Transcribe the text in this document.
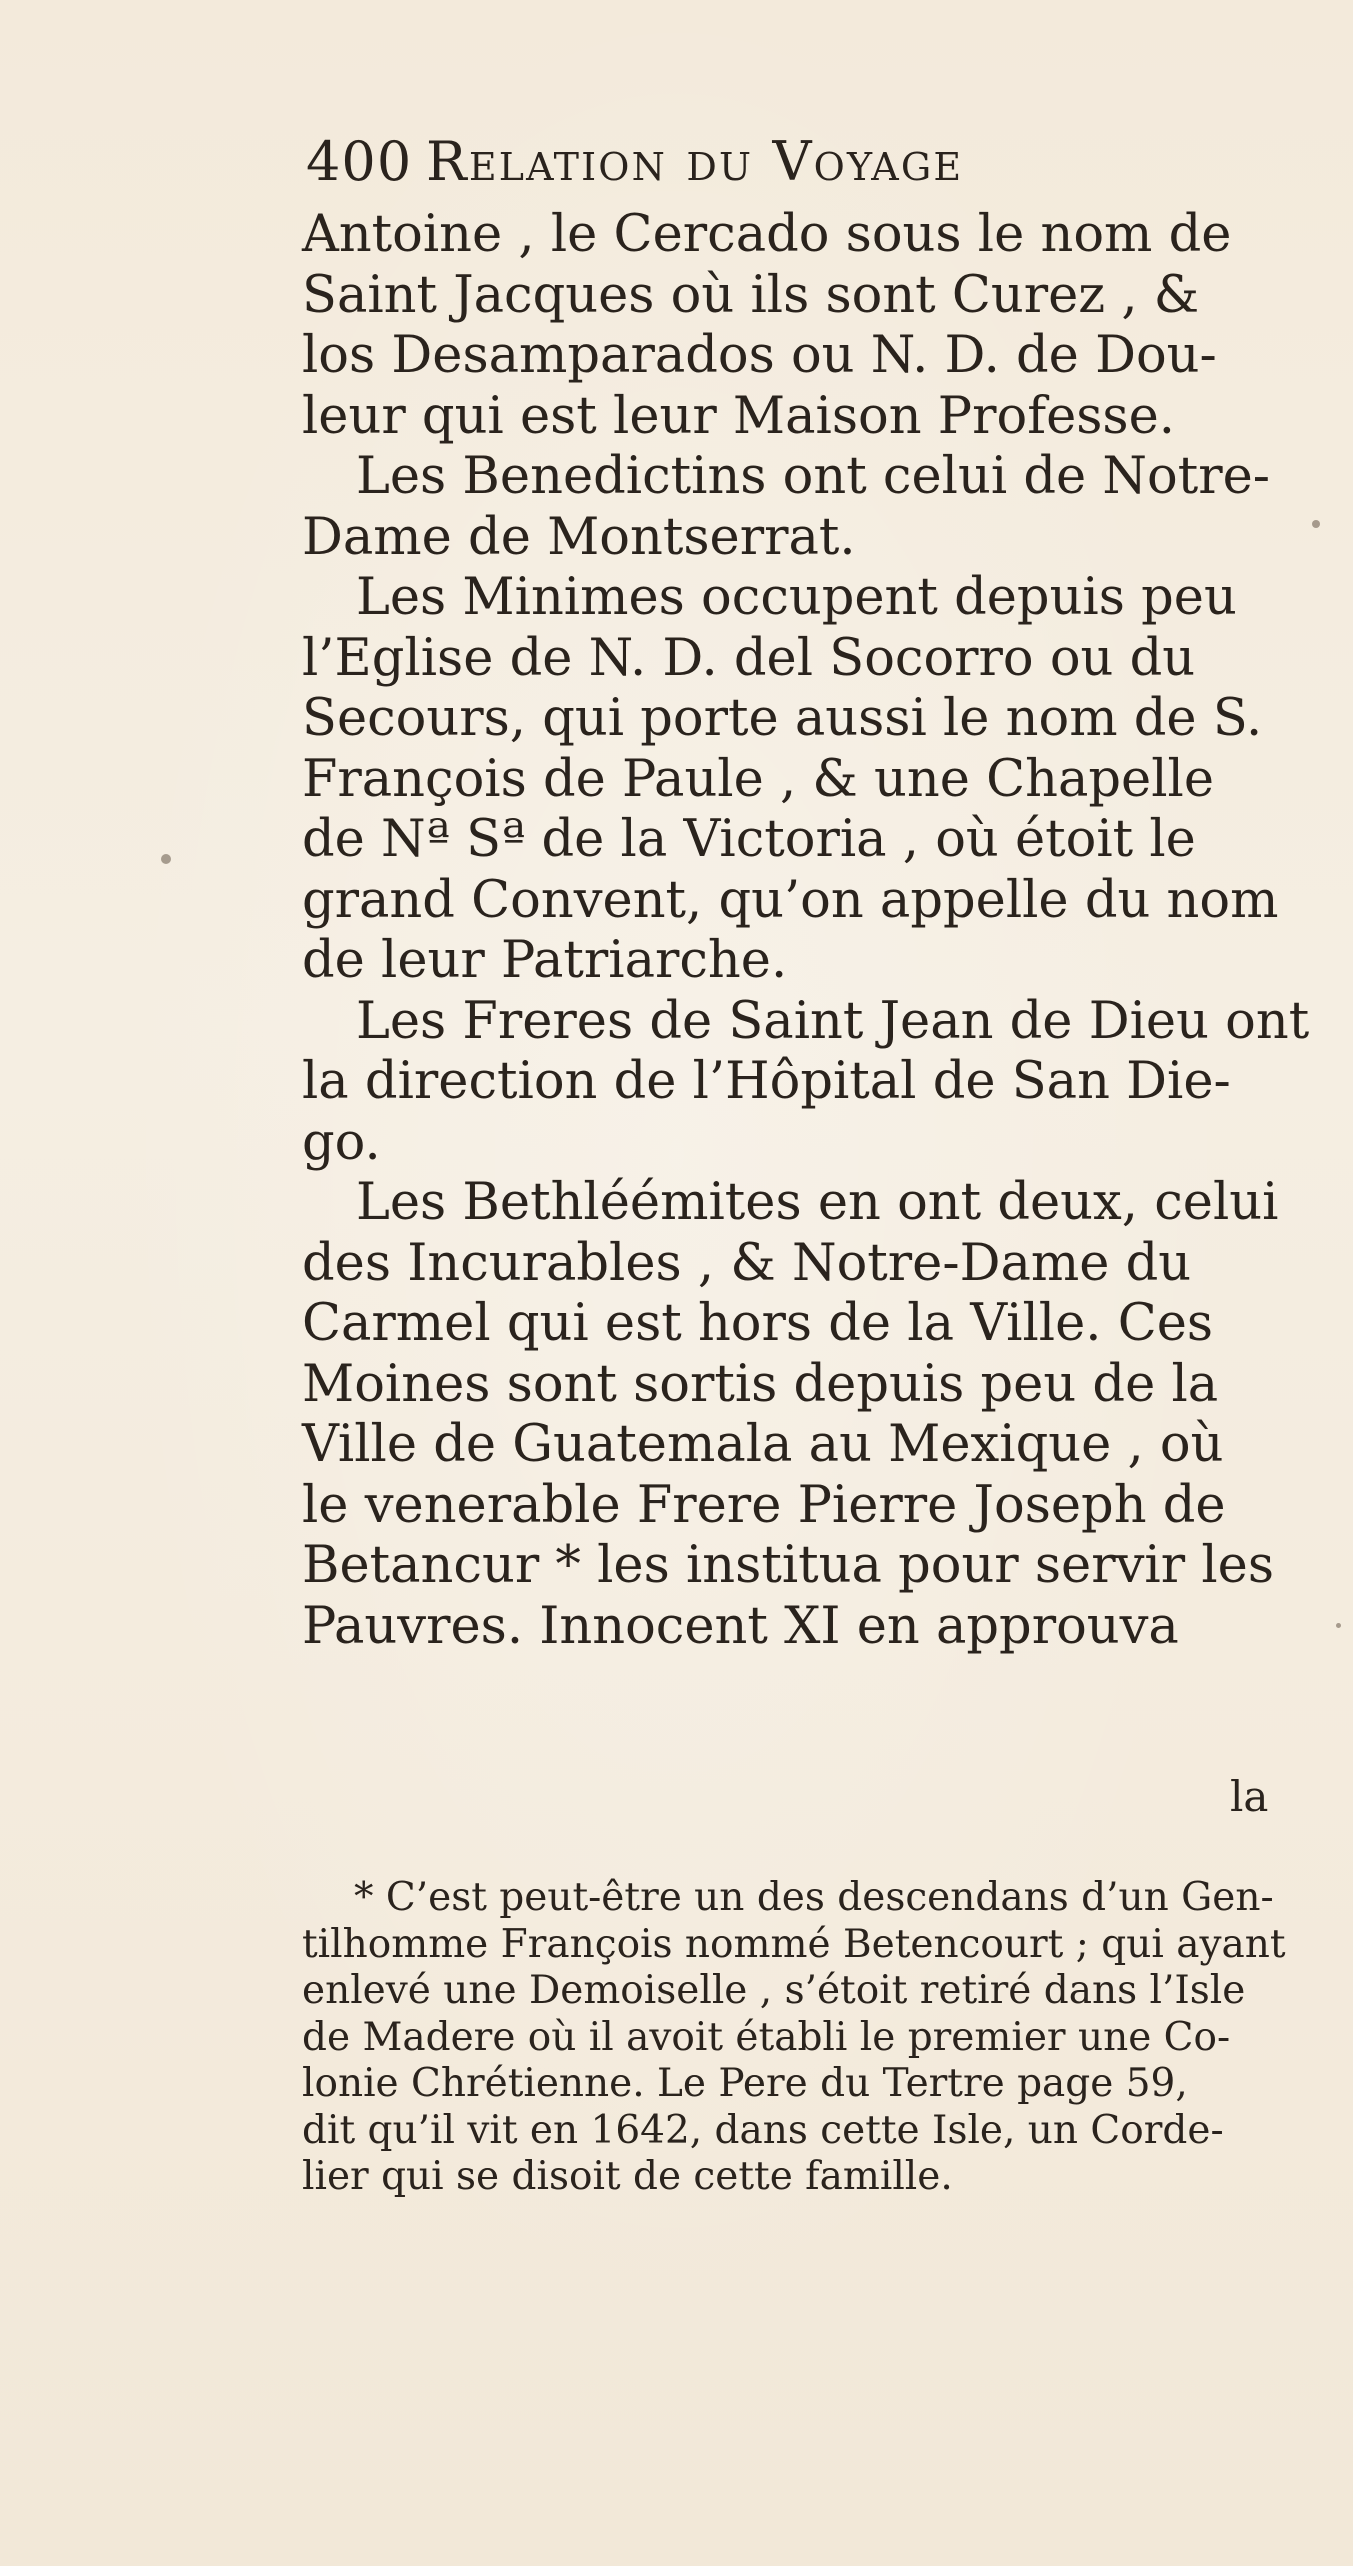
400 Relation du Voyage
Antoine , le Cercado sous le nom de
Saint Jacques où ils sont Curez , &
los Desamparados ou N. D. de Dou-
leur qui est leur Maison Professe.
Les Benedictins ont celui de Notre-
Dame de Montserrat.
Les Minimes occupent depuis peu
l’Eglise de N. D. del Socorro ou du
Secours, qui porte aussi le nom de S.
François de Paule , & une Chapelle
de Nª Sª de la Victoria , où étoit le
grand Convent, qu’on appelle du nom
de leur Patriarche.
Les Freres de Saint Jean de Dieu ont
la direction de l’Hôpital de San Die-
go.
Les Bethléémites en ont deux, celui
des Incurables , & Notre-Dame du
Carmel qui est hors de la Ville. Ces
Moines sont sortis depuis peu de la
Ville de Guatemala au Mexique , où
le venerable Frere Pierre Joseph de
Betancur * les institua pour servir les
Pauvres. Innocent XI en approuva
la
* C’est peut-être un des descendans d’un Gen-
tilhomme François nommé Betencourt ; qui ayant
enlevé une Demoiselle , s’étoit retiré dans l’Isle
de Madere où il avoit établi le premier une Co-
lonie Chrétienne. Le Pere du Tertre page 59,
dit qu’il vit en 1642, dans cette Isle, un Corde-
lier qui se disoit de cette famille.
